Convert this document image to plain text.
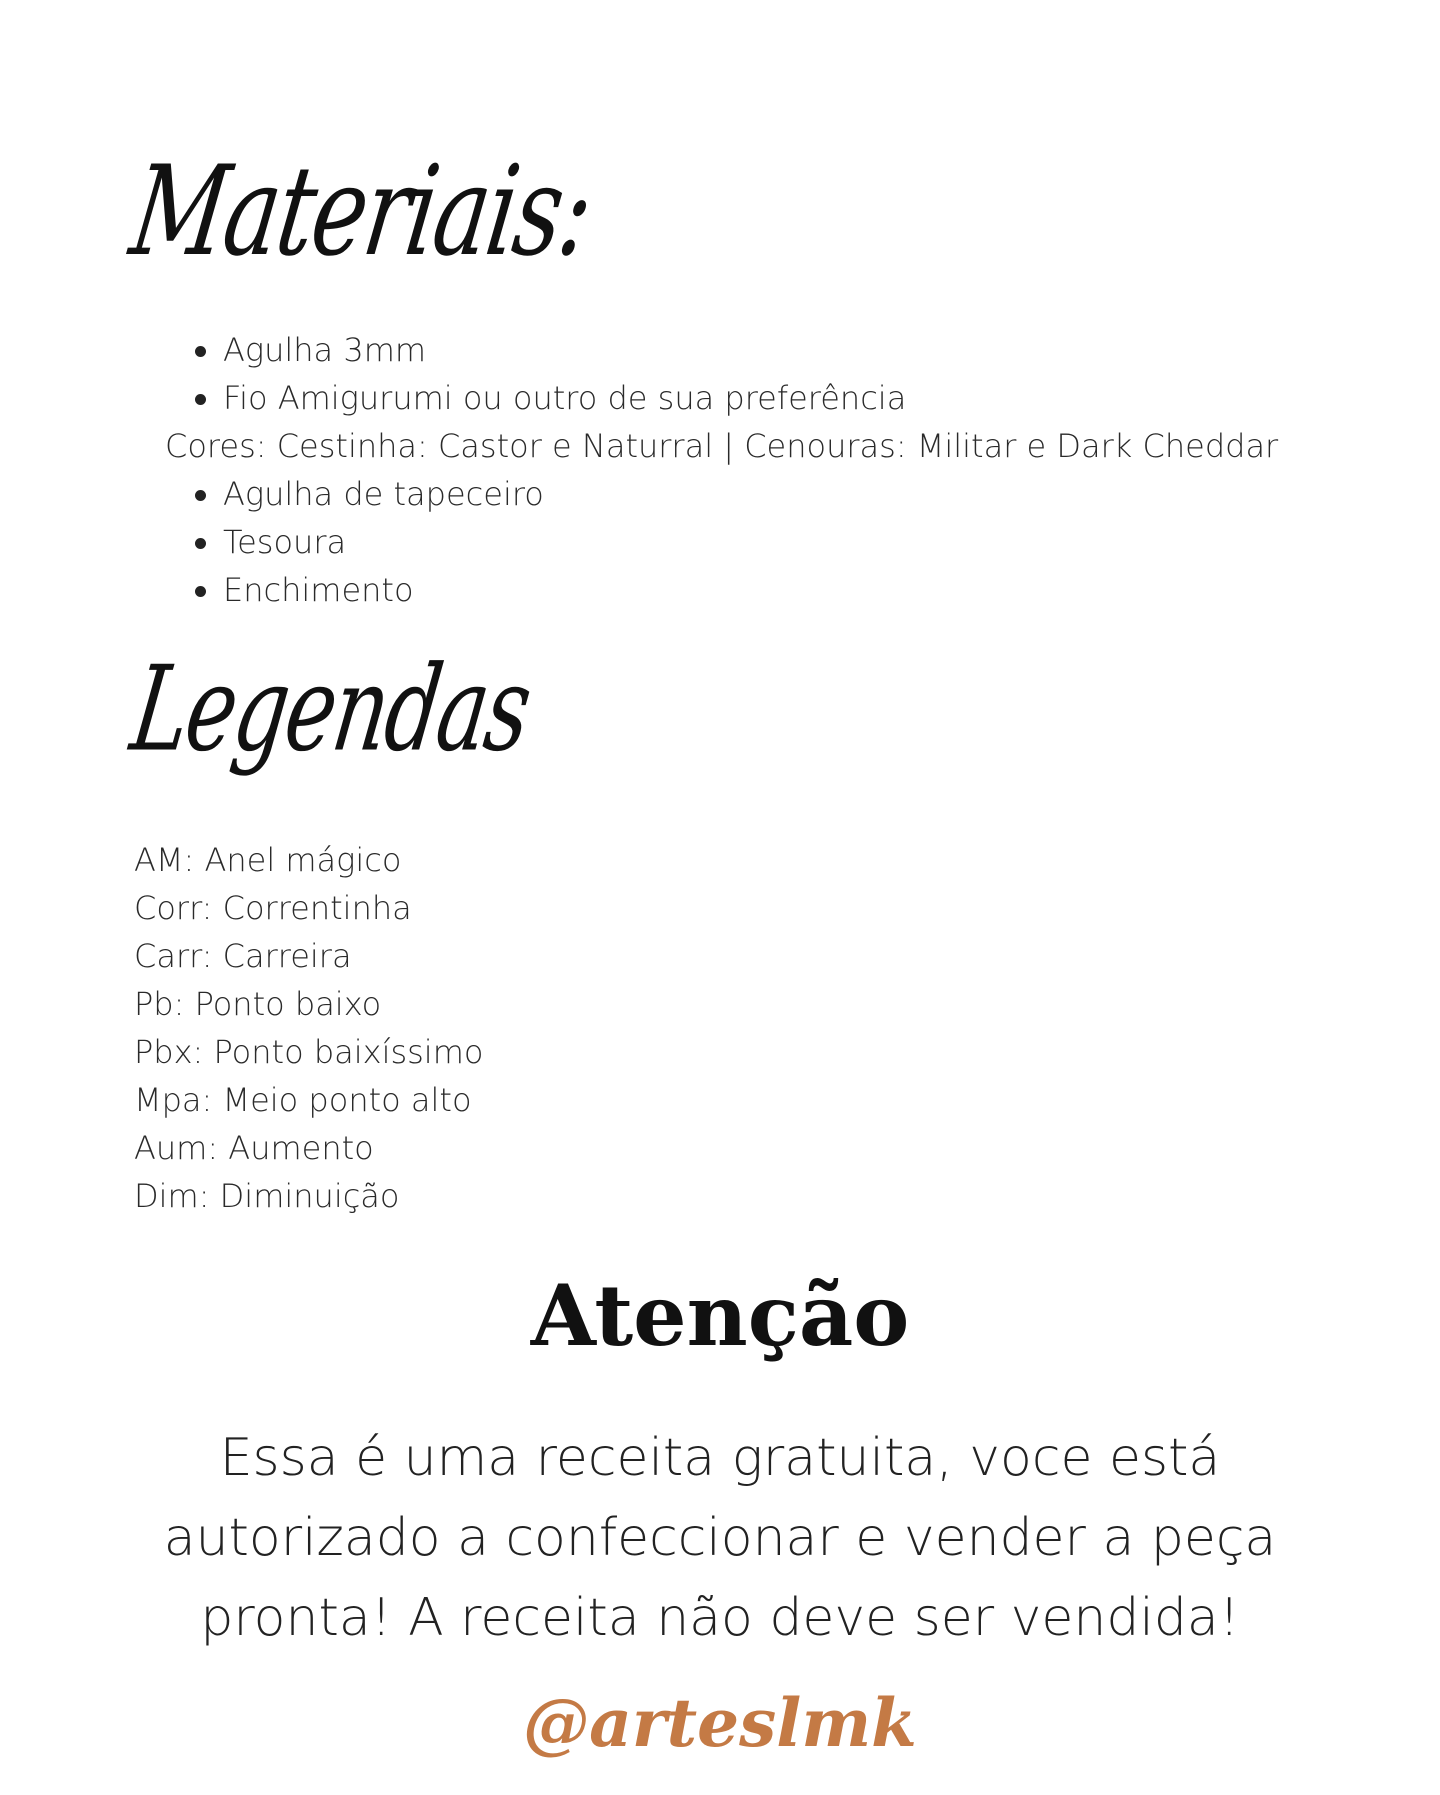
Materiais:
Agulha 3mm
Fio Amigurumi ou outro de sua preferência
Cores: Cestinha: Castor e Naturral | Cenouras: Militar e Dark Cheddar
Agulha de tapeceiro
Tesoura
Enchimento
Legendas
AM: Anel mágico
Corr: Correntinha
Carr: Carreira
Pb: Ponto baixo
Pbx: Ponto baixíssimo
Mpa: Meio ponto alto
Aum: Aumento
Dim: Diminuição
Atenção

Essa é uma receita gratuita, voce está autorizado a confeccionar e vender a peça pronta! A receita não deve ser vendida!

@arteslmk
